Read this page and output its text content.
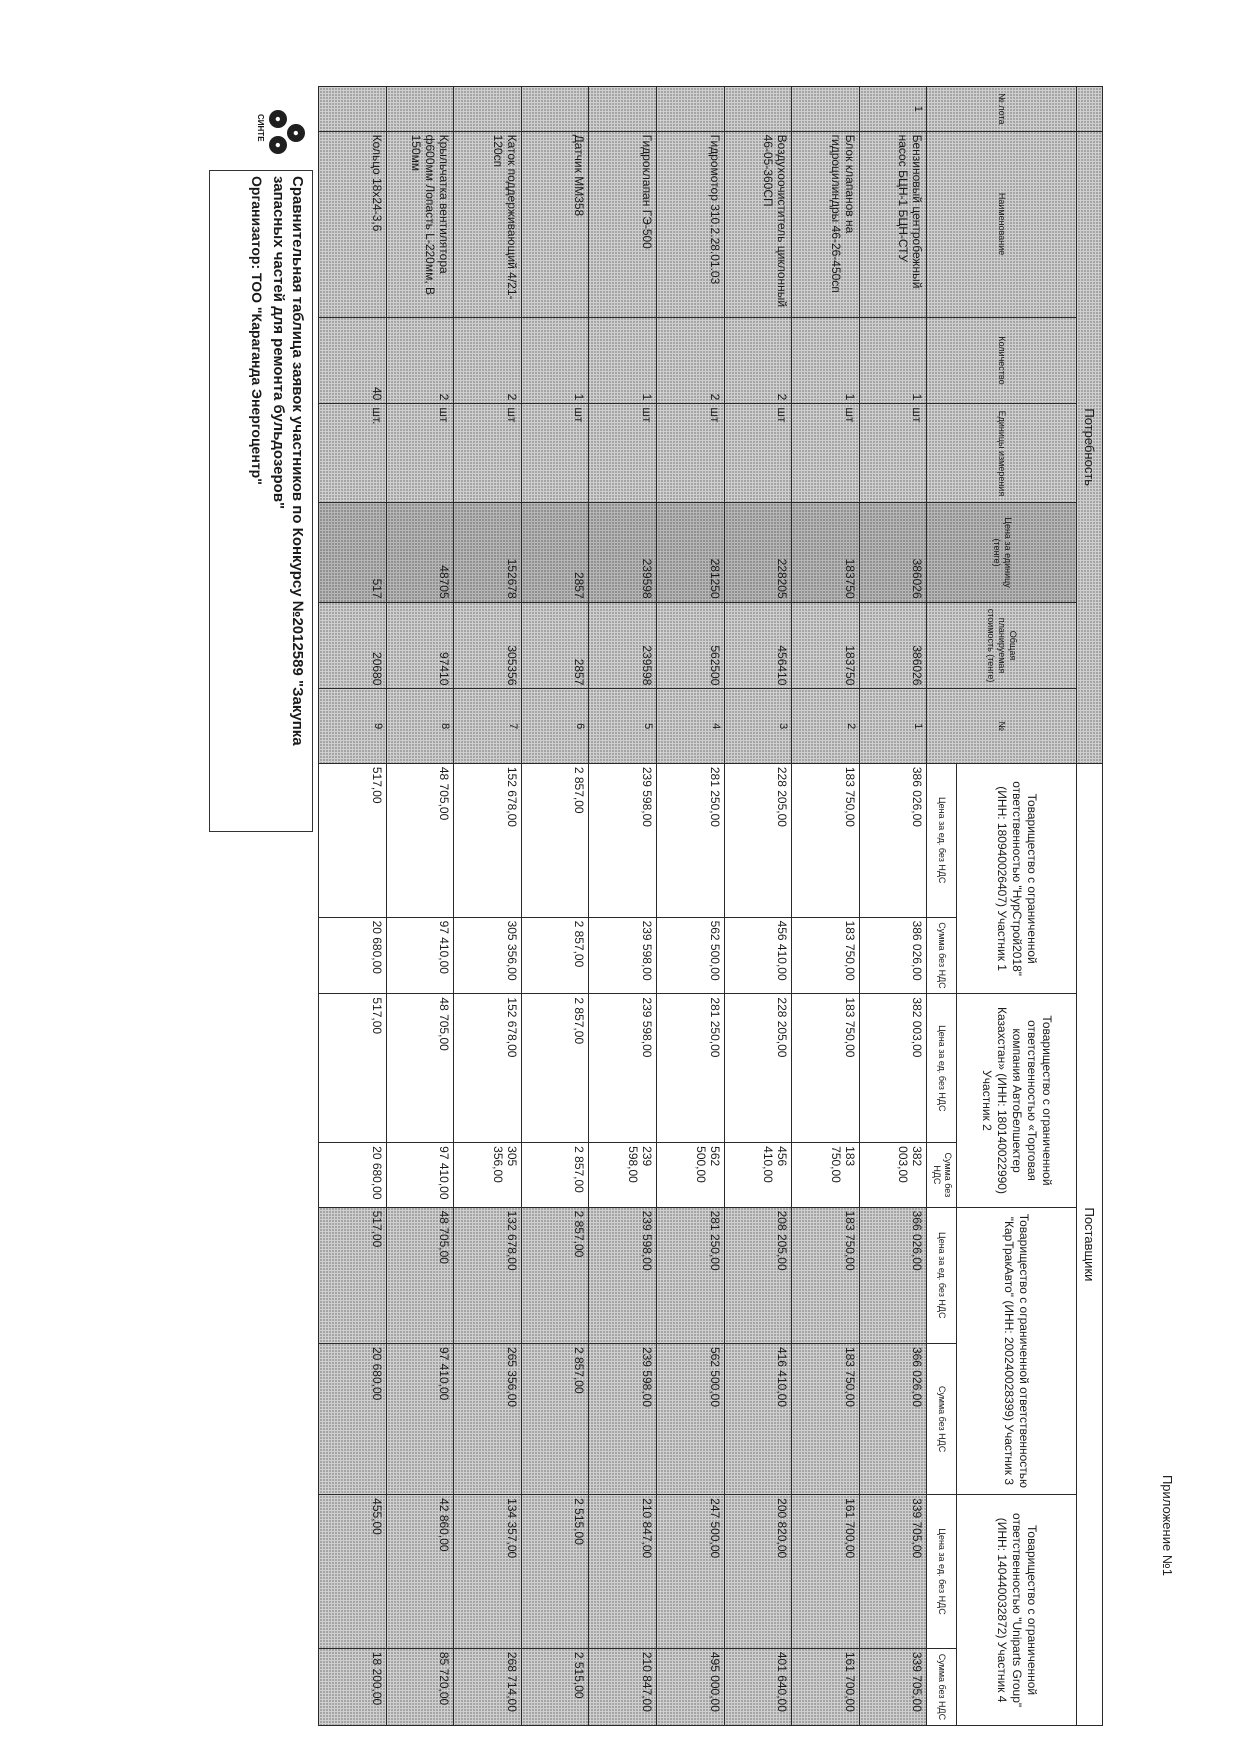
Приложение №1
	Потребность						Поставщики							
№ лота	Наименование	Количество	Единицы измерения	Цена за единицу (тенге)	Общая планируемая стоимость (тенге)	№	Товарищество с ограниченной ответственностью "НурСтрой2018" (ИНН: 180940026407) Участник 1		Товарищество с ограниченной ответственностью «Торговая компания АвтоБелшектер Казахстан» (ИНН: 180140022990) Участник 2		Товарищество с ограниченной ответственностью "КарТракАвто" (ИНН: 200240028399) Участник 3		Товарищество с ограниченной ответственностью "Uniparts Group" (ИНН: 140440032872) Участник 4	
							Цена за ед. без НДС	Сумма без НДС	Цена за ед. без НДС	Сумма без НДС	Цена за ед. без НДС	Сумма без НДС	Цена за ед. без НДС	Сумма без НДС
1	Бензиновый центробежный насос БЦН-1 БЦН-СТУ	1	шт	386026	386026	1	386 026,00	386 026,00	382 003,00	382 003,00	366 026,00	366 026,00	339 705,00	339 705,00
	Блок клапанов на гидроцилиндры 46-26-450сп	1	шт	183750	183750	2	183 750,00	183 750,00	183 750,00	183 750,00	183 750,00	183 750,00	161 700,00	161 700,00
	Воздухоочиститель циклонный 46-05-360СП	2	шт	228205	456410	3	228 205,00	456 410,00	228 205,00	456 410,00	208 205,00	416 410,00	200 820,00	401 640,00
	Гидромотор 310.2.28.01.03	2	шт	281250	562500	4	281 250,00	562 500,00	281 250,00	562 500,00	281 250,00	562 500,00	247 500,00	495 000,00
	Гидроклапан ГЭ-500	1	шт	239598	239598	5	239 598,00	239 598,00	239 598,00	239 598,00	239 598,00	239 598,00	210 847,00	210 847,00
	Датчик ММ358	1	шт	2857	2857	6	2 857,00	2 857,00	2 857,00	2 857,00	2 857,00	2 857,00	2 515,00	2 515,00
	Каток поддерживающий 4/21-120сп	2	шт	152678	305356	7	152 678,00	305 356,00	152 678,00	305 356,00	132 678,00	265 356,00	134 357,00	268 714,00
	Крыльчатка вентилятора ф600мм Лопасть L-220мм, В 150мм	2	шт	48705	97410	8	48 705,00	97 410,00	48 705,00	97 410,00	48 705,00	97 410,00	42 860,00	85 720,00
	Кольцо 18х24-3,6	40	шт.	517	20680	9	517,00	20 680,00	517,00	20 680,00	517,00	20 680,00	455,00	18 200,00
●
●
●
СИНТЕ
Сравнительная таблица заявок участников по Конкурсу №2012589 "Закупка запасных частей для ремонта бульдозеров"
Организатор: ТОО "Карагандa Энергоцентр"
